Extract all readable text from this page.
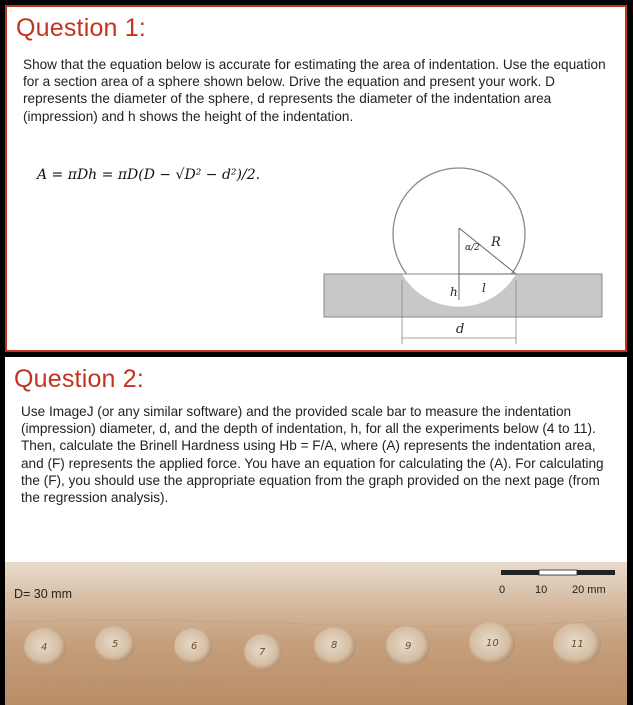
Question 1:

Show that the equation below is accurate for estimating the area of indentation. Use the equation for a section area of a sphere shown below. Drive the equation and present your work. D represents the diameter of the sphere, d represents the diameter of the indentation area (impression) and h shows the height of the indentation.

A = πDh = πD(D − √D² − d²)/2.
d
α/2 R
h l
Question 2:

Use ImageJ (or any similar software) and the provided scale bar to measure the indentation (impression) diameter, d, and the depth of indentation, h, for all the experiments below (4 to 11). Then, calculate the Brinell Hardness using Hb = F/A, where (A) represents the indentation area, and (F) represents the applied force. You have an equation for calculating the (A). For calculating the (F), you should use the appropriate equation from the graph provided on the next page (from the regression analysis).

4	5	6
7
8	9	10	11
D= 30 mm	0	10 20 mm
